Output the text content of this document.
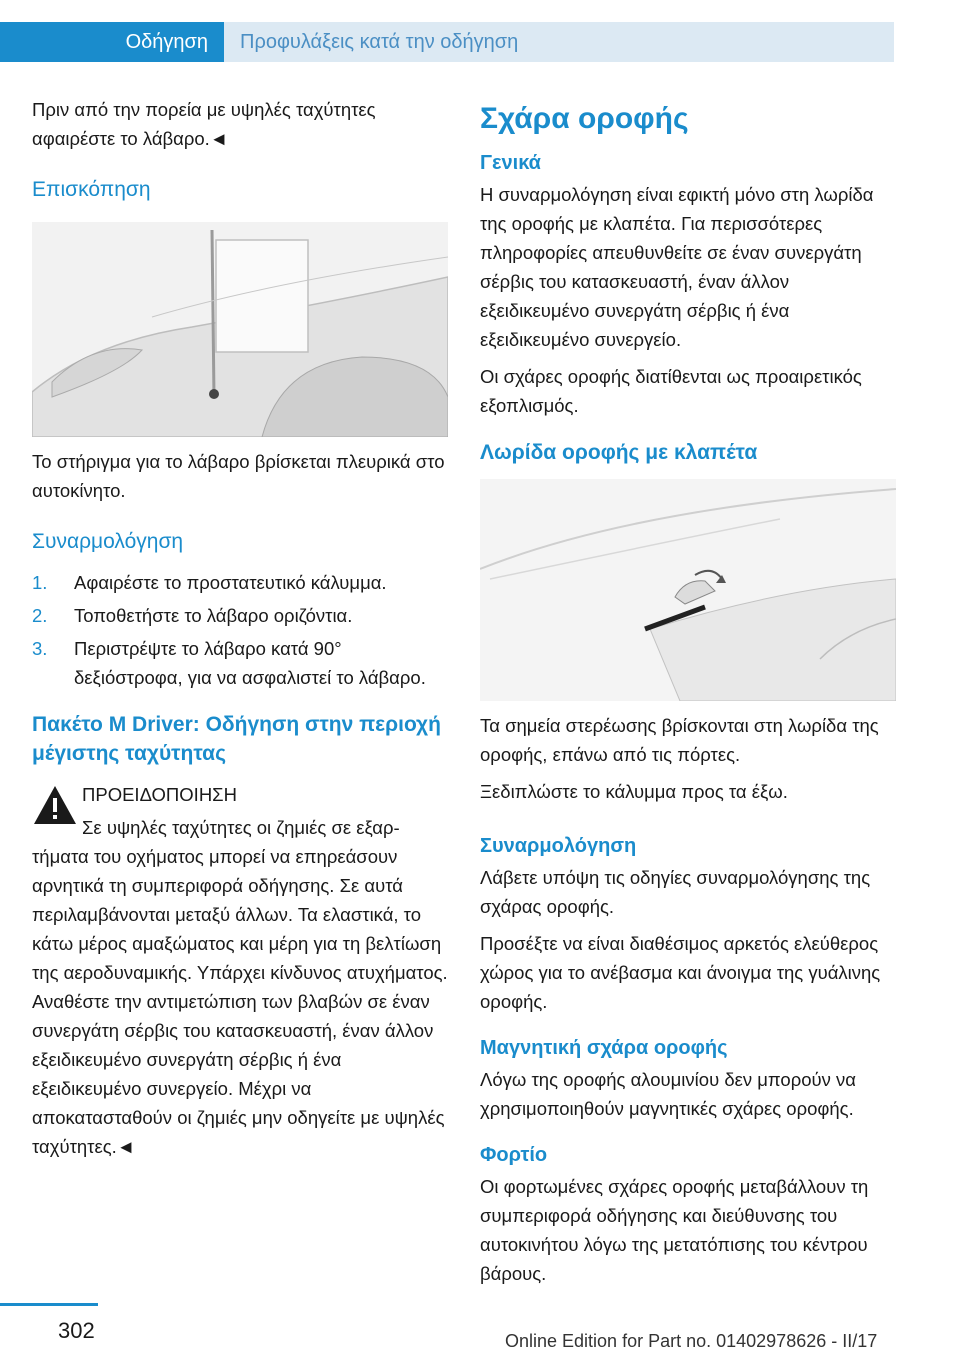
Οδήγηση	Προφυλάξεις κατά την οδήγηση

Πριν από την πορεία με υψηλές ταχύτητες αφαιρέστε το λάβαρο.◄

Επισκόπηση

Το στήριγμα για το λάβαρο βρίσκεται πλευρικά στο αυτοκίνητο.

Συναρμολόγηση
1. Αφαιρέστε το προστατευτικό κάλυμμα.
2. Τοποθετήστε το λάβαρο οριζόντια.
3. Περιστρέψτε το λάβαρο κατά 90° δεξιόστροφα, για να ασφαλιστεί το λάβαρο.
Πακέτο M Driver: Οδήγηση στην περιοχή μέγιστης ταχύτητας
ΠΡΟΕΙΔΟΠΟΙΗΣΗ
Σε υψηλές ταχύτητες οι ζημιές σε εξαρ-
τήματα του οχήματος μπορεί να επηρεάσουν αρνητικά τη συμπεριφορά οδήγησης. Σε αυτά περιλαμβάνονται μεταξύ άλλων. Τα ελαστικά, το κάτω μέρος αμαξώματος και μέρη για τη βελτίωση της αεροδυναμικής. Υπάρχει κίνδυνος ατυχήματος. Αναθέστε την αντιμετώπιση των βλαβών σε έναν συνεργάτη σέρβις του κατασκευαστή, έναν άλλον εξειδικευμένο συνεργάτη σέρβις ή ένα εξειδικευμένο συνεργείο. Μέχρι να αποκατασταθούν οι ζημιές μην οδηγείτε με υψηλές ταχύτητες.◄
Σχάρα οροφής
Γενικά

Η συναρμολόγηση είναι εφικτή μόνο στη λωρίδα της οροφής με κλαπέτα. Για περισσότερες πληροφορίες απευθυνθείτε σε έναν συνεργάτη σέρβις του κατασκευαστή, έναν άλλον εξειδικευμένο συνεργάτη σέρβις ή ένα εξειδικευμένο συνεργείο.

Οι σχάρες οροφής διατίθενται ως προαιρετικός εξοπλισμός.

Λωρίδα οροφής με κλαπέτα

Τα σημεία στερέωσης βρίσκονται στη λωρίδα της οροφής, επάνω από τις πόρτες.

Ξεδιπλώστε το κάλυμμα προς τα έξω.

Συναρμολόγηση

Λάβετε υπόψη τις οδηγίες συναρμολόγησης της σχάρας οροφής.

Προσέξτε να είναι διαθέσιμος αρκετός ελεύθερος χώρος για το ανέβασμα και άνοιγμα της γυάλινης οροφής.

Μαγνητική σχάρα οροφής

Λόγω της οροφής αλουμινίου δεν μπορούν να χρησιμοποιηθούν μαγνητικές σχάρες οροφής.

Φορτίο

Οι φορτωμένες σχάρες οροφής μεταβάλλουν τη συμπεριφορά οδήγησης και διεύθυνσης του αυτοκινήτου λόγω της μετατόπισης του κέντρου βάρους.

302	Online Edition for Part no. 01402978626 - II/17
